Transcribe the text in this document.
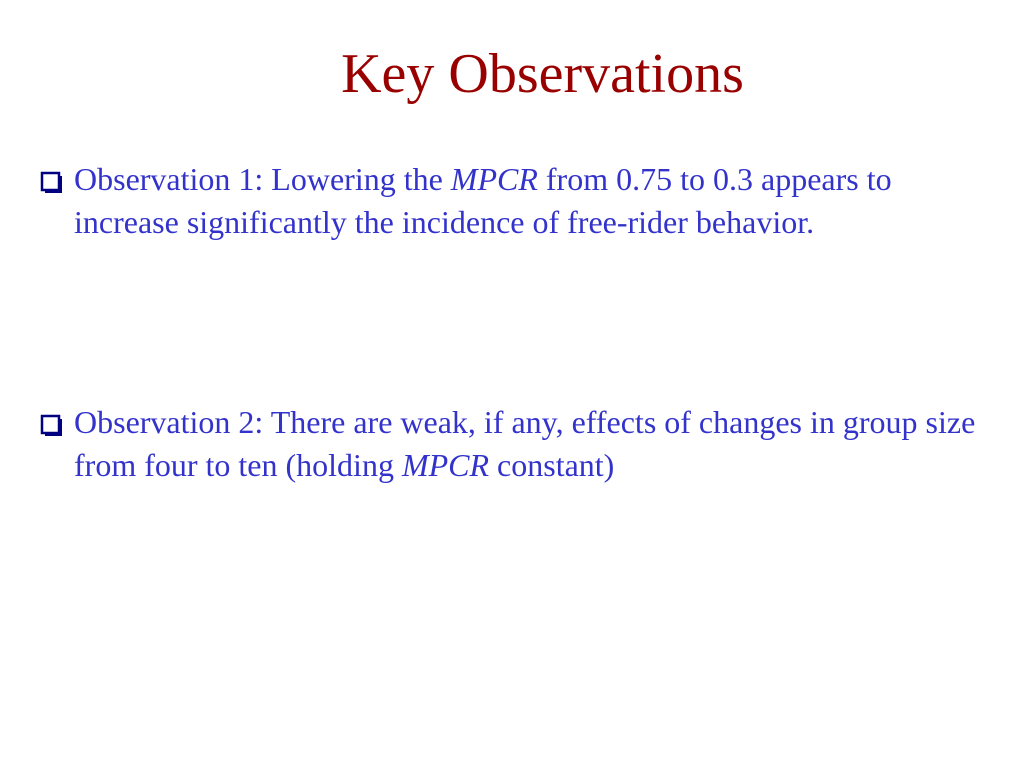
Key Observations
Observation 1: Lowering the MPCR from 0.75 to 0.3 appears to increase significantly the incidence of free-rider behavior.
Observation 2: There are weak, if any, effects of changes in group size from four to ten (holding MPCR constant)
